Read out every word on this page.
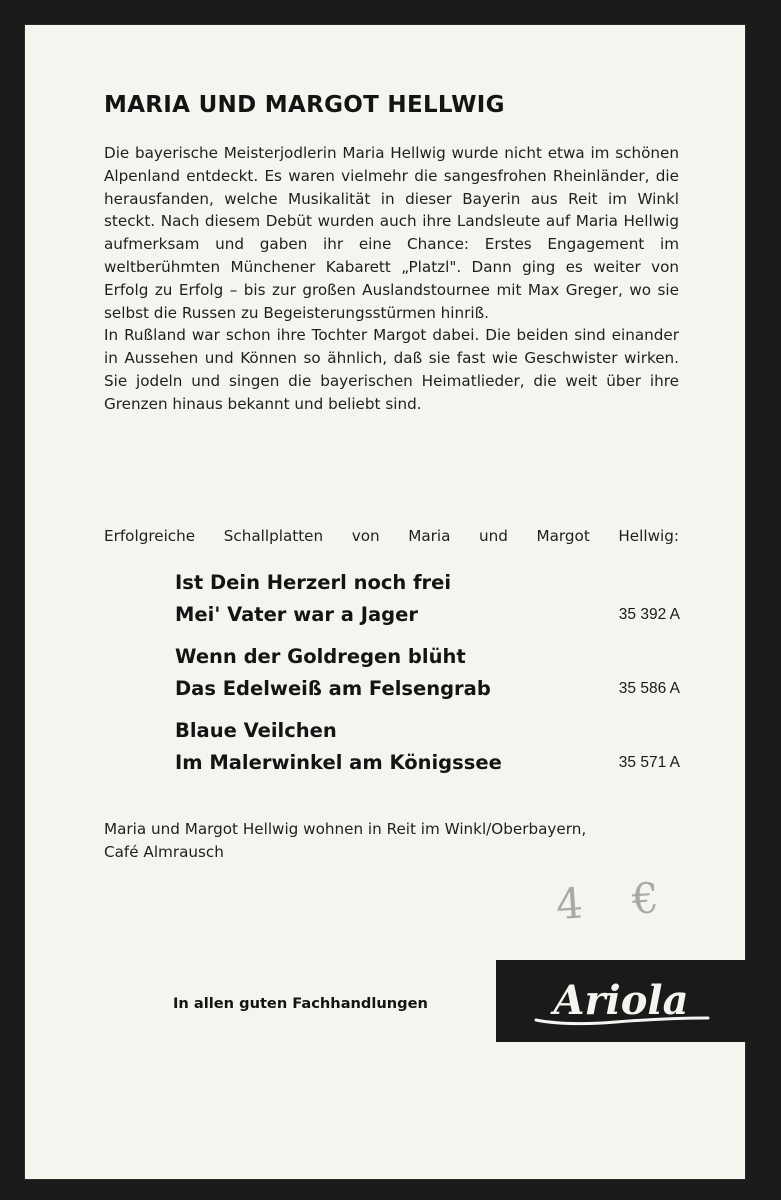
MARIA UND MARGOT HELLWIG

Die bayerische Meisterjodlerin Maria Hellwig wurde nicht etwa im schönen Alpenland entdeckt. Es waren vielmehr die sangesfrohen Rheinländer, die herausfanden, welche Musikalität in dieser Bayerin aus Reit im Winkl steckt. Nach diesem Debüt wurden auch ihre Landsleute auf Maria Hellwig aufmerksam und gaben ihr eine Chance: Erstes Engagement im weltberühmten Münchener Kabarett „Platzl". Dann ging es weiter von Erfolg zu Erfolg – bis zur großen Auslandstournee mit Max Greger, wo sie selbst die Russen zu Begeisterungsstürmen hinriß.

In Rußland war schon ihre Tochter Margot dabei. Die beiden sind einander in Aussehen und Können so ähnlich, daß sie fast wie Geschwister wirken. Sie jodeln und singen die bayerischen Heimatlieder, die weit über ihre Grenzen hinaus bekannt und beliebt sind.

Erfolgreiche Schallplatten von Maria und Margot Hellwig:
Ist Dein Herzerl noch frei
Mei' Vater war a Jager	35 392 A
Wenn der Goldregen blüht
Das Edelweiß am Felsengrab	35 586 A
Blaue Veilchen
Im Malerwinkel am Königssee	35 571 A
Maria und Margot Hellwig wohnen in Reit im Winkl/Oberbayern,
Café Almrausch
4 €
In allen guten Fachhandlungen	Ariola
